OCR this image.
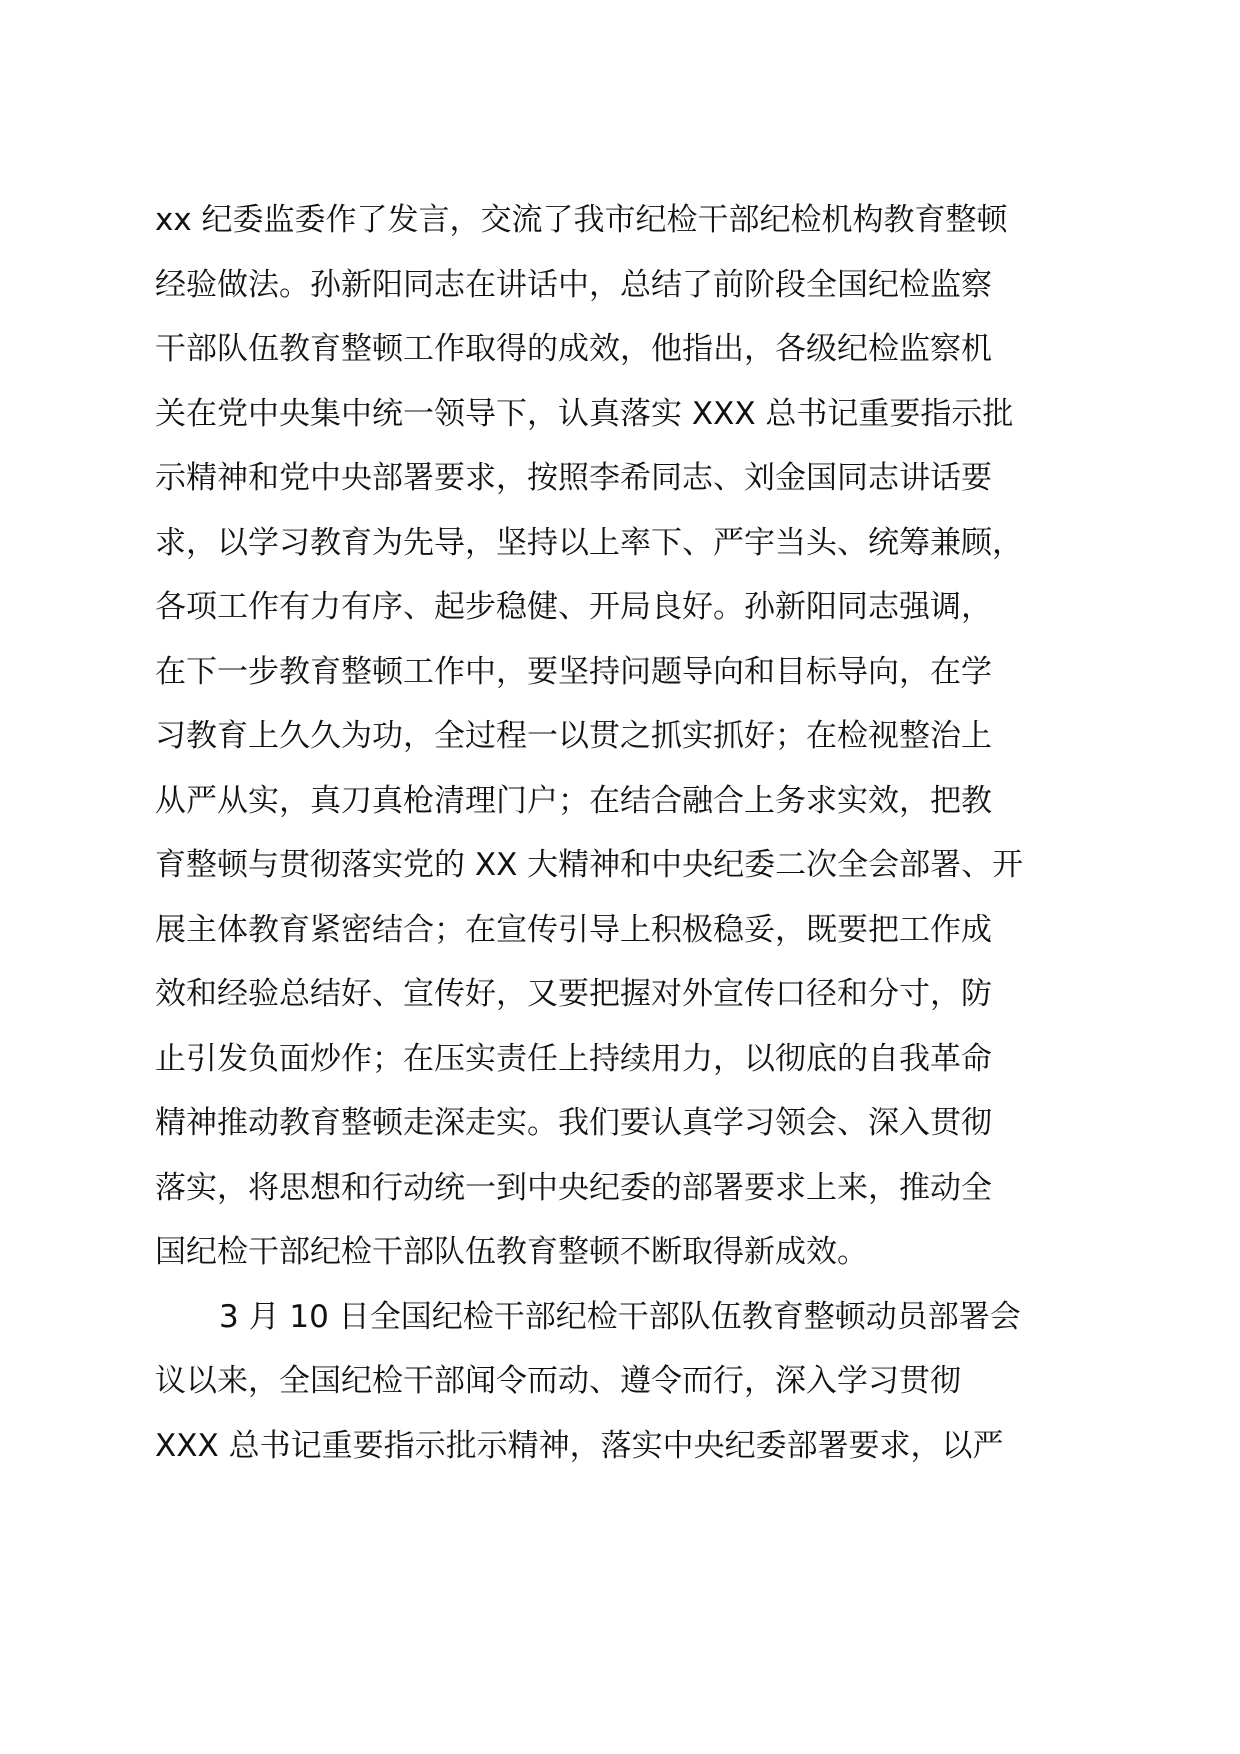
xx 纪委监委作了发言，交流了我市纪检干部纪检机构教育整顿
经验做法。孙新阳同志在讲话中，总结了前阶段全国纪检监察
干部队伍教育整顿工作取得的成效，他指出，各级纪检监察机
关在党中央集中统一领导下，认真落实 XXX 总书记重要指示批
示精神和党中央部署要求，按照李希同志、刘金国同志讲话要
求，以学习教育为先导，坚持以上率下、严宇当头、统筹兼顾，
各项工作有力有序、起步稳健、开局良好。孙新阳同志强调，
在下一步教育整顿工作中，要坚持问题导向和目标导向，在学
习教育上久久为功，全过程一以贯之抓实抓好；在检视整治上
从严从实，真刀真枪清理门户；在结合融合上务求实效，把教
育整顿与贯彻落实党的 XX 大精神和中央纪委二次全会部署、开
展主体教育紧密结合；在宣传引导上积极稳妥，既要把工作成
效和经验总结好、宣传好，又要把握对外宣传口径和分寸，防
止引发负面炒作；在压实责任上持续用力，以彻底的自我革命
精神推动教育整顿走深走实。我们要认真学习领会、深入贯彻
落实，将思想和行动统一到中央纪委的部署要求上来，推动全
国纪检干部纪检干部队伍教育整顿不断取得新成效。
3 月 10 日全国纪检干部纪检干部队伍教育整顿动员部署会
议以来，全国纪检干部闻令而动、遵令而行，深入学习贯彻
XXX 总书记重要指示批示精神，落实中央纪委部署要求，以严
